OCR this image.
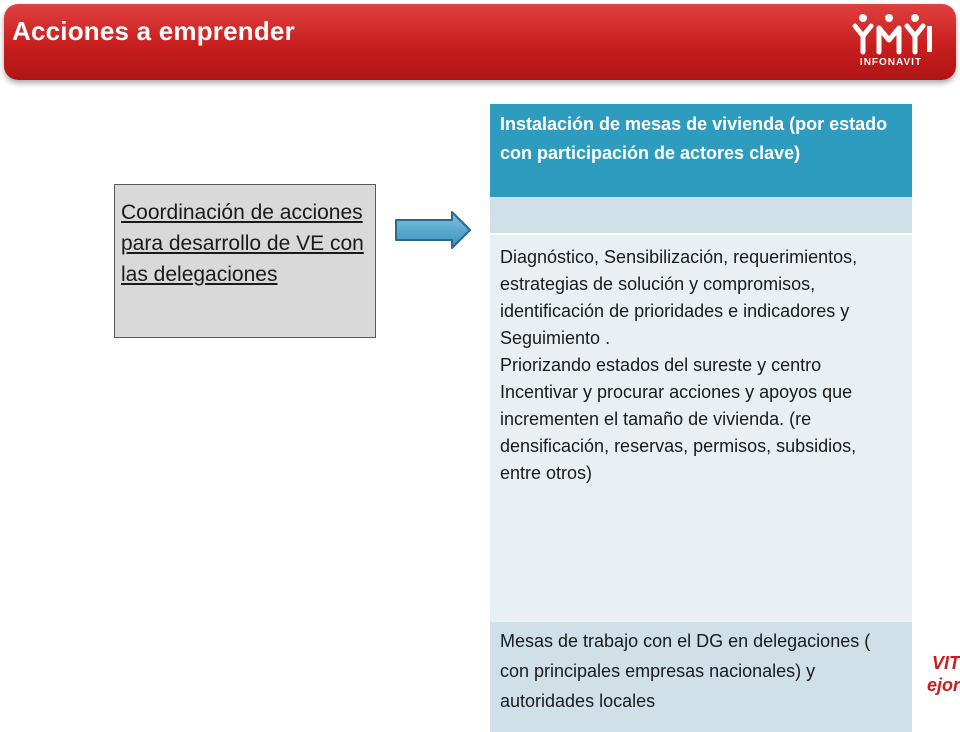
Acciones a emprender
INFONAVIT
Coordinación de acciones para desarrollo de VE con las delegaciones
Instalación de mesas de vivienda (por estado con participación de actores clave)
Diagnóstico, Sensibilización, requerimientos, estrategias de solución y compromisos, identificación de prioridades e indicadores y
Seguimiento .
Priorizando estados del sureste y centro
Incentivar y procurar acciones y apoyos que incrementen el tamaño de vivienda. (re densificación, reservas, permisos, subsidios, entre otros)
Mesas de trabajo con el DG en delegaciones ( con principales empresas nacionales) y autoridades locales
VIT
ejor
